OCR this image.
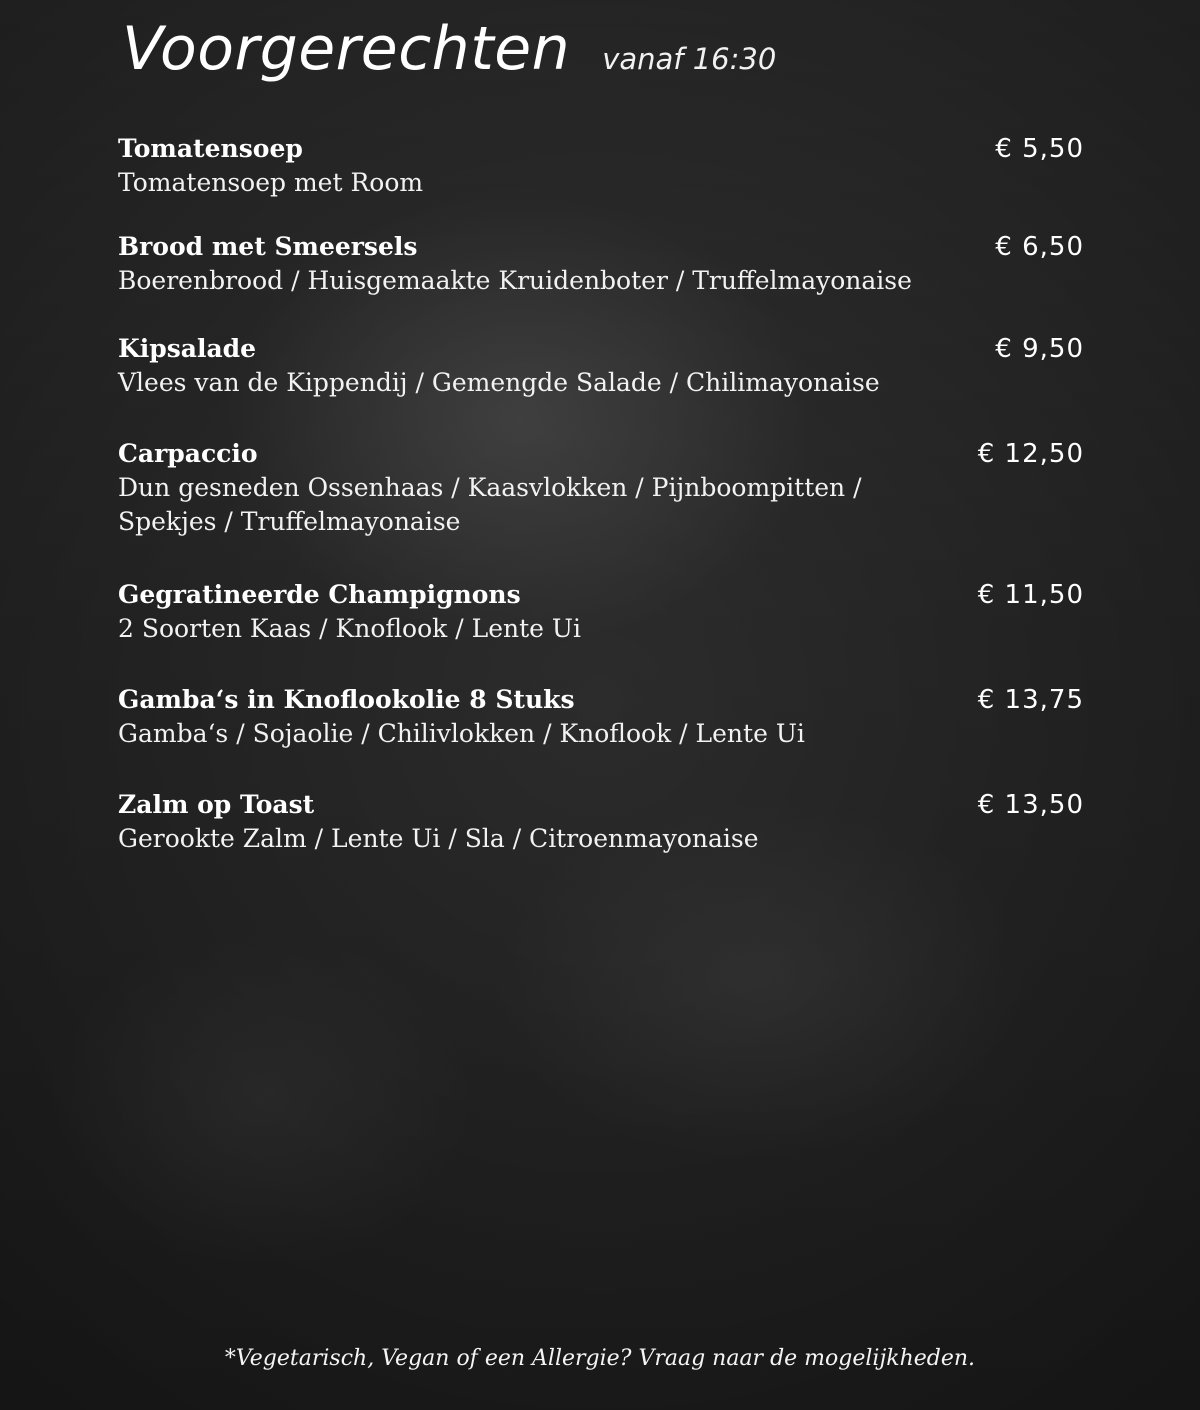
Voorgerechten vanaf 16:30
Tomatensoep	€ 5,50
Tomatensoep met Room
Brood met Smeersels	€ 6,50
Boerenbrood / Huisgemaakte Kruidenboter / Truffelmayonaise
Kipsalade	€ 9,50
Vlees van de Kippendij / Gemengde Salade / Chilimayonaise
Carpaccio	€ 12,50
Dun gesneden Ossenhaas / Kaasvlokken / Pijnboompitten / Spekjes / Truffelmayonaise
Gegratineerde Champignons	€ 11,50
2 Soorten Kaas / Knoflook / Lente Ui
Gamba‘s in Knoflookolie 8 Stuks	€ 13,75
Gamba‘s / Sojaolie / Chilivlokken / Knoflook / Lente Ui
Zalm op Toast	€ 13,50
Gerookte Zalm / Lente Ui / Sla / Citroenmayonaise
*Vegetarisch, Vegan of een Allergie? Vraag naar de mogelijkheden.
